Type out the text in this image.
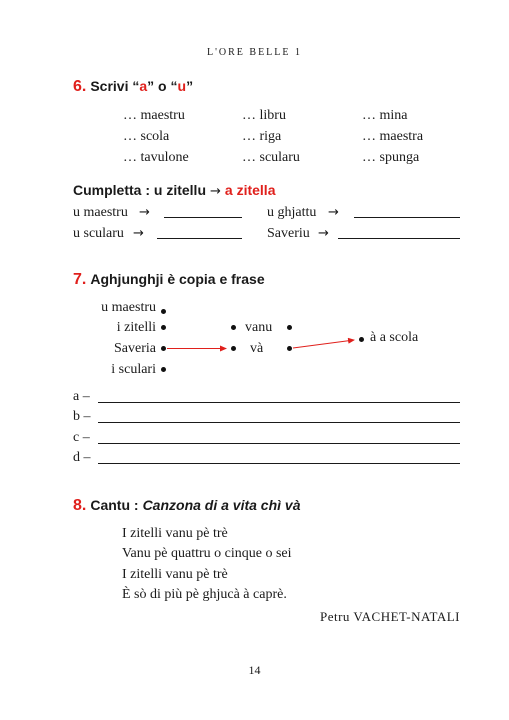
L'ORE BELLE 1
6. Scrivi “a” o “u”
… maestru	… libru	… mina
… scola	… riga	… maestra
… tavulone	… scularu	… spunga
Cumpletta : u zitellu → a zitella
u maestru →	u ghjattu →
u scularu →	Saveriu →
7. Aghjunghji è copia e frase
u maestru
i zitelli
Saveria
i sculari
vanu
và
à a scola
a –
b –
c –
d –
8. Cantu : Canzona di a vita chì và
I zitelli vanu pè trè
Vanu pè quattru o cinque o sei
I zitelli vanu pè trè
È sò di più pè ghjucà à caprè.
Petru VACHET-NATALI
14
